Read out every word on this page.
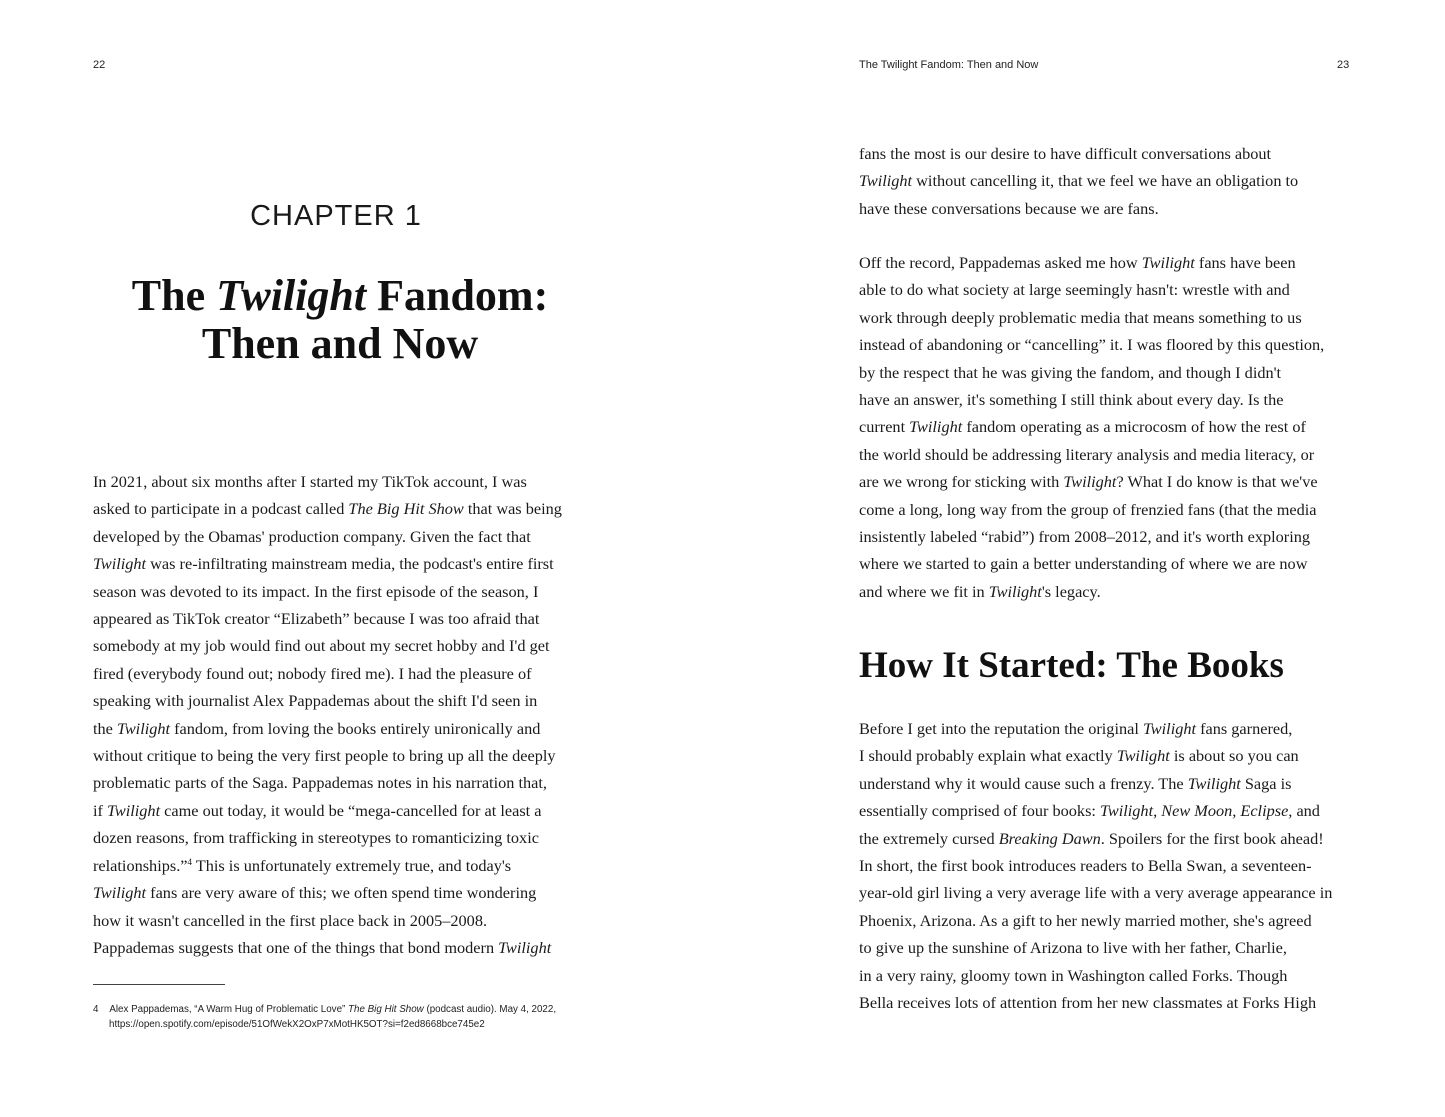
22
CHAPTER 1
The Twilight Fandom:
Then and Now

In 2021, about six months after I started my TikTok account, I was
asked to participate in a podcast called The Big Hit Show that was being
developed by the Obamas' production company. Given the fact that
Twilight was re-infiltrating mainstream media, the podcast's entire first
season was devoted to its impact. In the first episode of the season, I
appeared as TikTok creator “Elizabeth” because I was too afraid that
somebody at my job would find out about my secret hobby and I'd get
fired (everybody found out; nobody fired me). I had the pleasure of
speaking with journalist Alex Pappademas about the shift I'd seen in
the Twilight fandom, from loving the books entirely unironically and
without critique to being the very first people to bring up all the deeply
problematic parts of the Saga. Pappademas notes in his narration that,
if Twilight came out today, it would be “mega-cancelled for at least a
dozen reasons, from trafficking in stereotypes to romanticizing toxic
relationships.”$^4$ This is unfortunately extremely true, and today's
Twilight fans are very aware of this; we often spend time wondering
how it wasn't cancelled in the first place back in 2005–2008.
Pappademas suggests that one of the things that bond modern Twilight

4 Alex Pappademas, “A Warm Hug of Problematic Love” The Big Hit Show (podcast audio). May 4, 2022,
https://open.spotify.com/episode/51OfWekX2OxP7xMotHK5OT?si=f2ed8668bce745e2
The Twilight Fandom: Then and Now	23

fans the most is our desire to have difficult conversations about
Twilight without cancelling it, that we feel we have an obligation to
have these conversations because we are fans.

Off the record, Pappademas asked me how Twilight fans have been
able to do what society at large seemingly hasn't: wrestle with and
work through deeply problematic media that means something to us
instead of abandoning or “cancelling” it. I was floored by this question,
by the respect that he was giving the fandom, and though I didn't
have an answer, it's something I still think about every day. Is the
current Twilight fandom operating as a microcosm of how the rest of
the world should be addressing literary analysis and media literacy, or
are we wrong for sticking with Twilight? What I do know is that we've
come a long, long way from the group of frenzied fans (that the media
insistently labeled “rabid”) from 2008–2012, and it's worth exploring
where we started to gain a better understanding of where we are now
and where we fit in Twilight's legacy.

How It Started: The Books

Before I get into the reputation the original Twilight fans garnered,
I should probably explain what exactly Twilight is about so you can
understand why it would cause such a frenzy. The Twilight Saga is
essentially comprised of four books: Twilight, New Moon, Eclipse, and
the extremely cursed Breaking Dawn. Spoilers for the first book ahead!
In short, the first book introduces readers to Bella Swan, a seventeen-
year-old girl living a very average life with a very average appearance in
Phoenix, Arizona. As a gift to her newly married mother, she's agreed
to give up the sunshine of Arizona to live with her father, Charlie,
in a very rainy, gloomy town in Washington called Forks. Though
Bella receives lots of attention from her new classmates at Forks High
